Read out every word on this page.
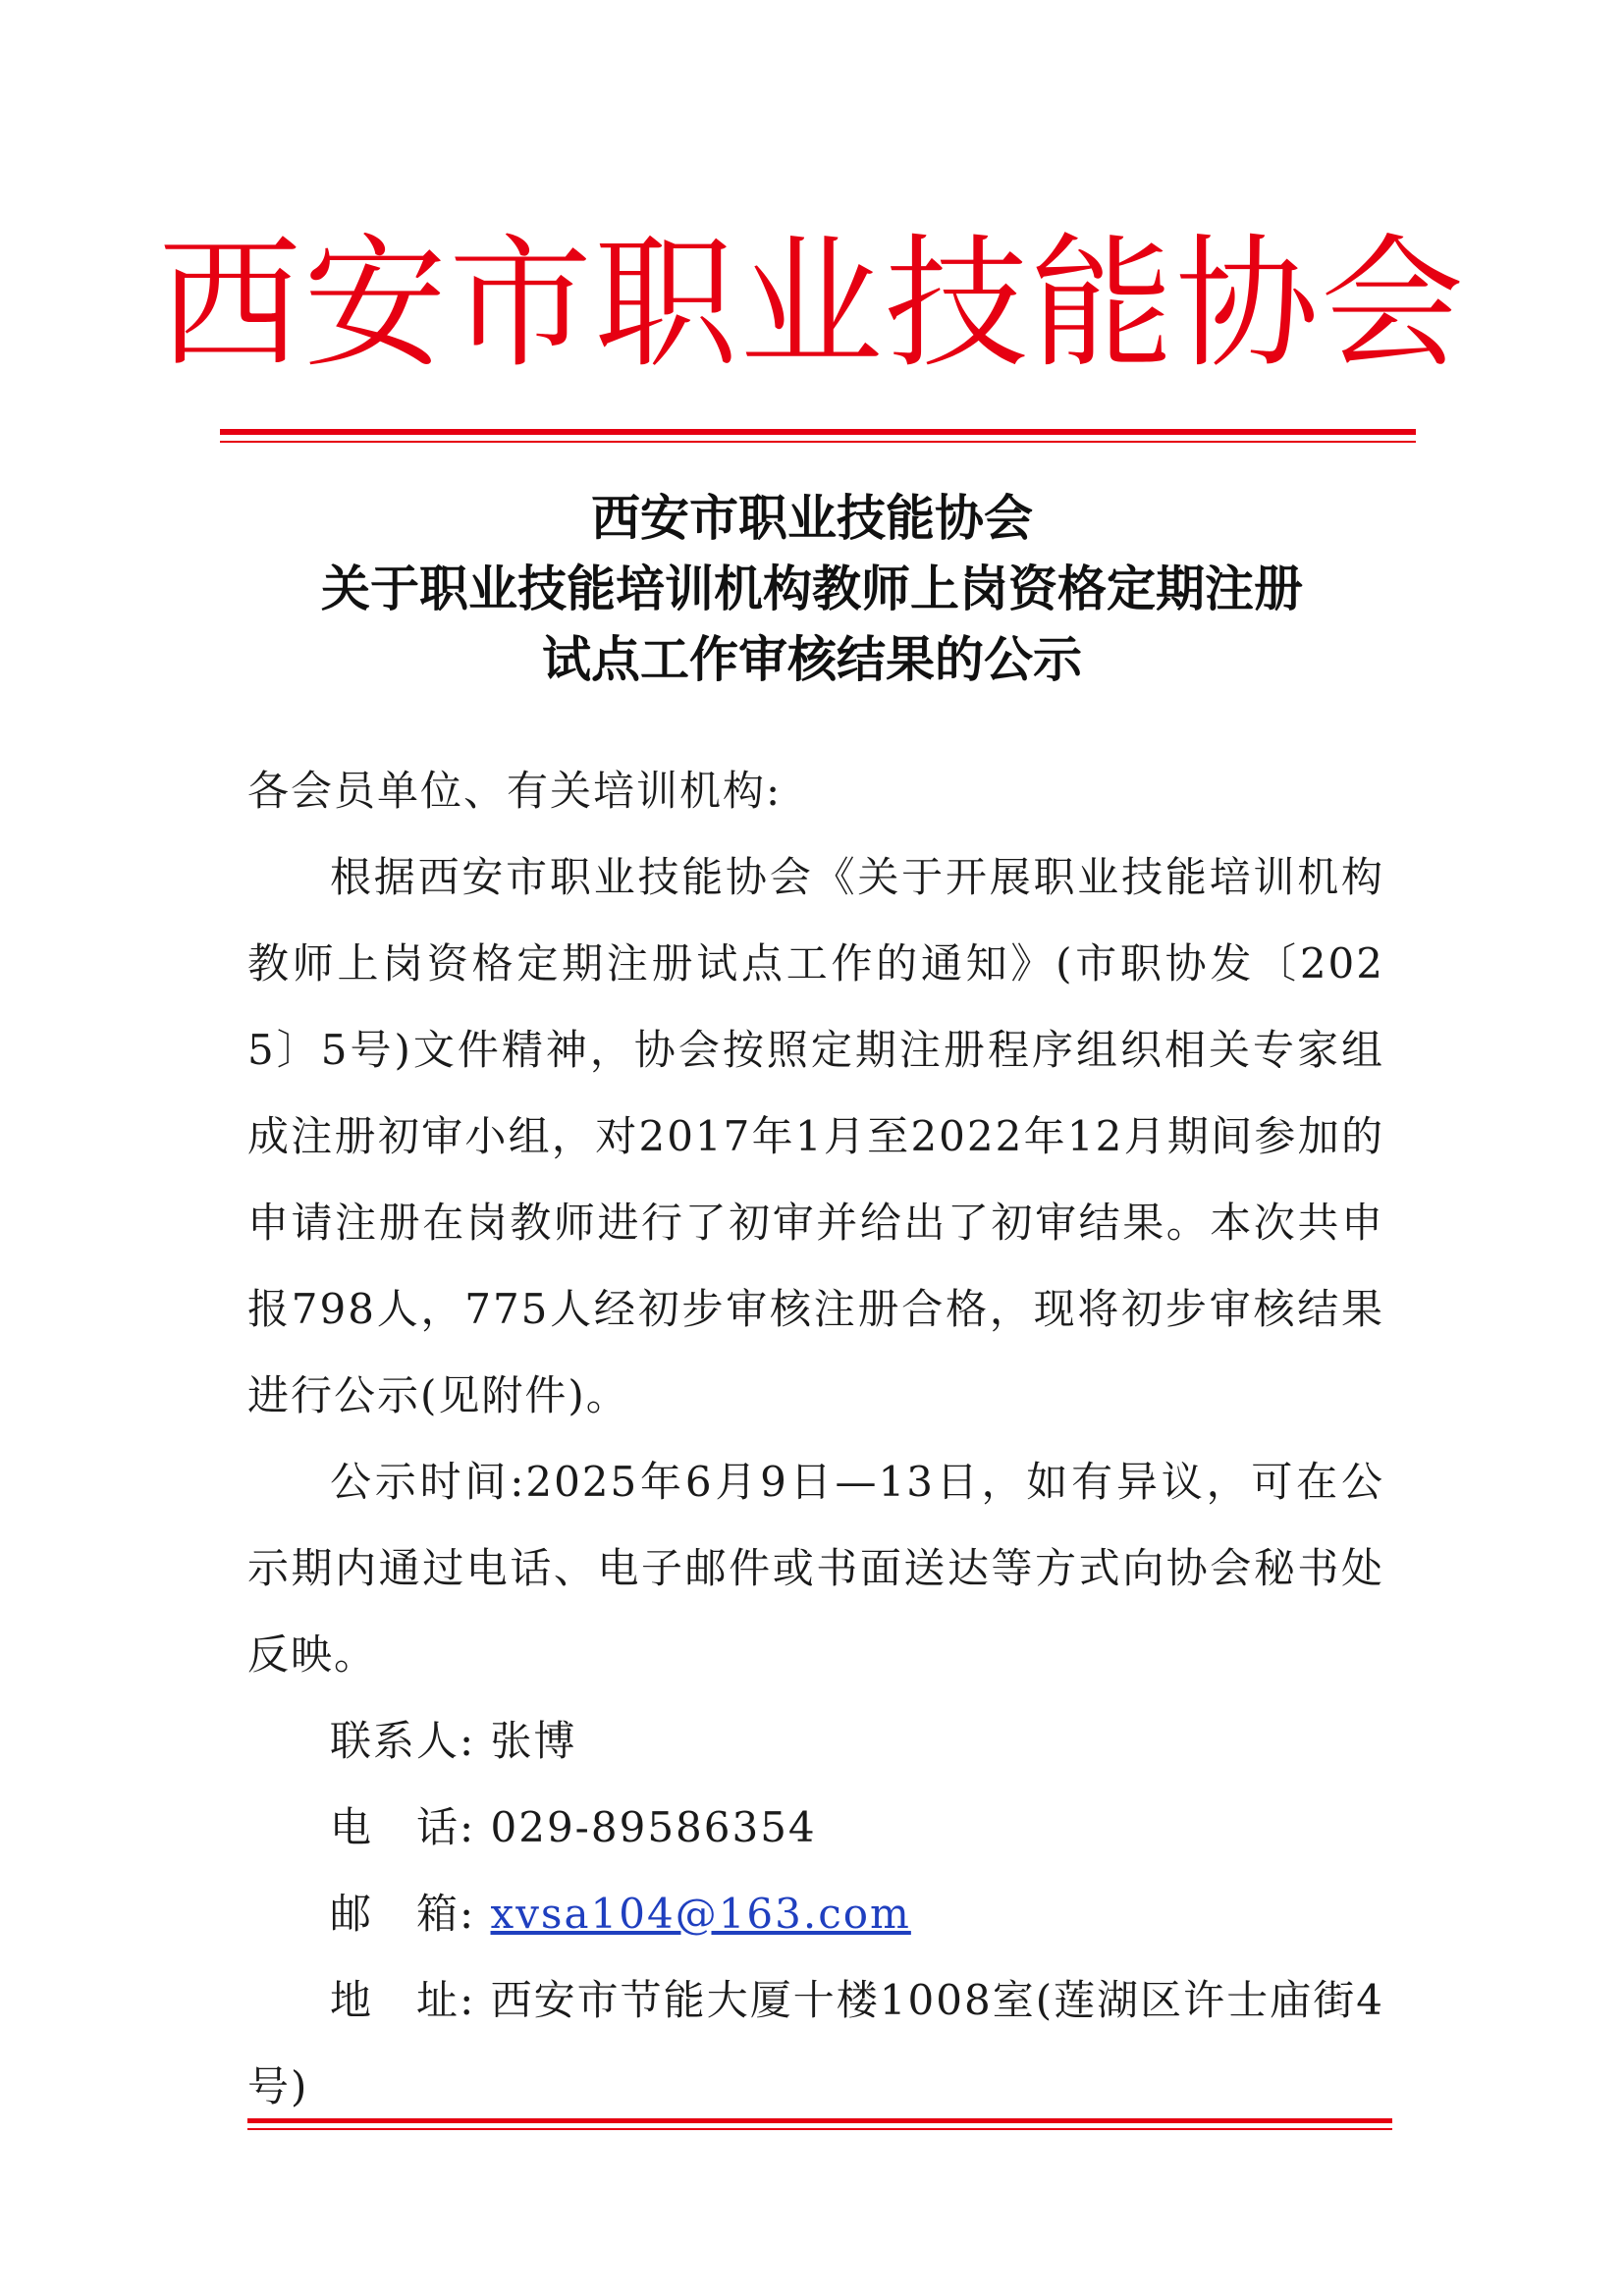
西安市职业技能协会
西安市职业技能协会
关于职业技能培训机构教师上岗资格定期注册
试点工作审核结果的公示

各会员单位、有关培训机构:

根据西安市职业技能协会《关于开展职业技能培训机构教师上岗资格定期注册试点工作的通知》(市职协发〔2025〕5号)文件精神，协会按照定期注册程序组织相关专家组成注册初审小组，对2017年1月至2022年12月期间参加的申请注册在岗教师进行了初审并给出了初审结果。本次共申报798人，775人经初步审核注册合格，现将初步审核结果进行公示(见附件)。

公示时间:2025年6月9日—13日，如有异议，可在公示期内通过电话、电子邮件或书面送达等方式向协会秘书处反映。

联系人: 张博

电　话: 029-89586354

邮　箱: xvsa104@163.com

地　址: 西安市节能大厦十楼1008室(莲湖区许士庙街4号)
